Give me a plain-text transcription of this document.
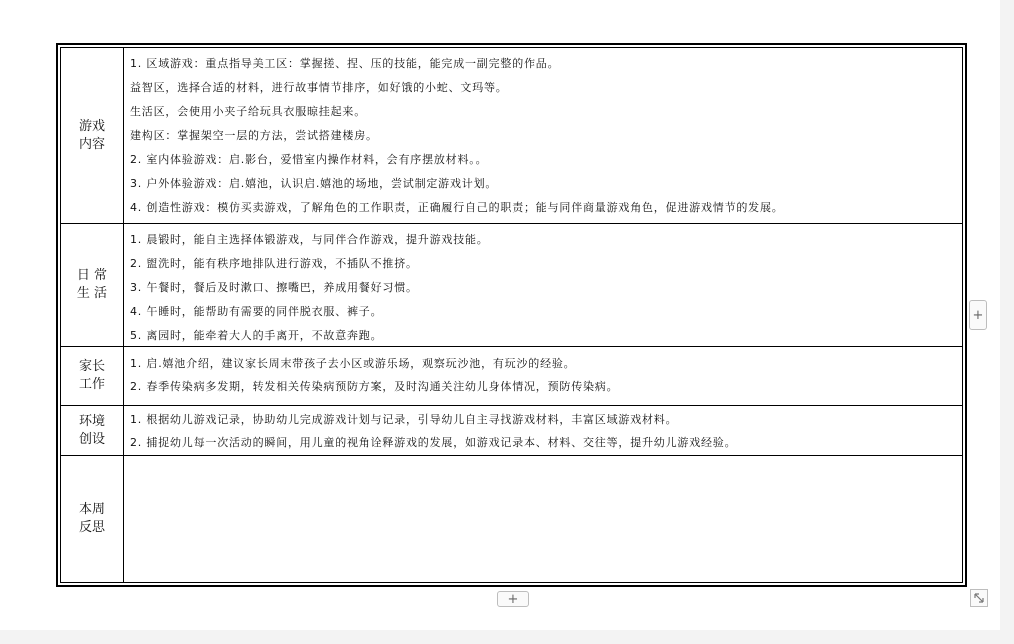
游戏
内容
1. 区域游戏：重点指导美工区：掌握搓、捏、压的技能，能完成一副完整的作品。
益智区，选择合适的材料，进行故事情节排序，如好饿的小蛇、文玛等。
生活区，会使用小夹子给玩具衣服晾挂起来。
建构区：掌握架空一层的方法，尝试搭建楼房。
2. 室内体验游戏：启.影台，爱惜室内操作材料，会有序摆放材料。。
3. 户外体验游戏：启.嬉池，认识启.嬉池的场地，尝试制定游戏计划。
4. 创造性游戏：模仿买卖游戏，了解角色的工作职责，正确履行自己的职责；能与同伴商量游戏角色，促进游戏情节的发展。
日 常
生 活
1. 晨锻时，能自主选择体锻游戏，与同伴合作游戏，提升游戏技能。
2. 盥洗时，能有秩序地排队进行游戏，不插队不推挤。
3. 午餐时，餐后及时漱口、擦嘴巴，养成用餐好习惯。
4. 午睡时，能帮助有需要的同伴脱衣服、裤子。
5. 离园时，能牵着大人的手离开，不故意奔跑。
家长
工作
1. 启.嬉池介绍，建议家长周末带孩子去小区或游乐场，观察玩沙池，有玩沙的经验。
2. 春季传染病多发期，转发相关传染病预防方案，及时沟通关注幼儿身体情况，预防传染病。
环境
创设
1. 根据幼儿游戏记录，协助幼儿完成游戏计划与记录，引导幼儿自主寻找游戏材料，丰富区域游戏材料。
2. 捕捉幼儿每一次活动的瞬间，用儿童的视角诠释游戏的发展，如游戏记录本、材料、交往等，提升幼儿游戏经验。
本周
反思
+
+
